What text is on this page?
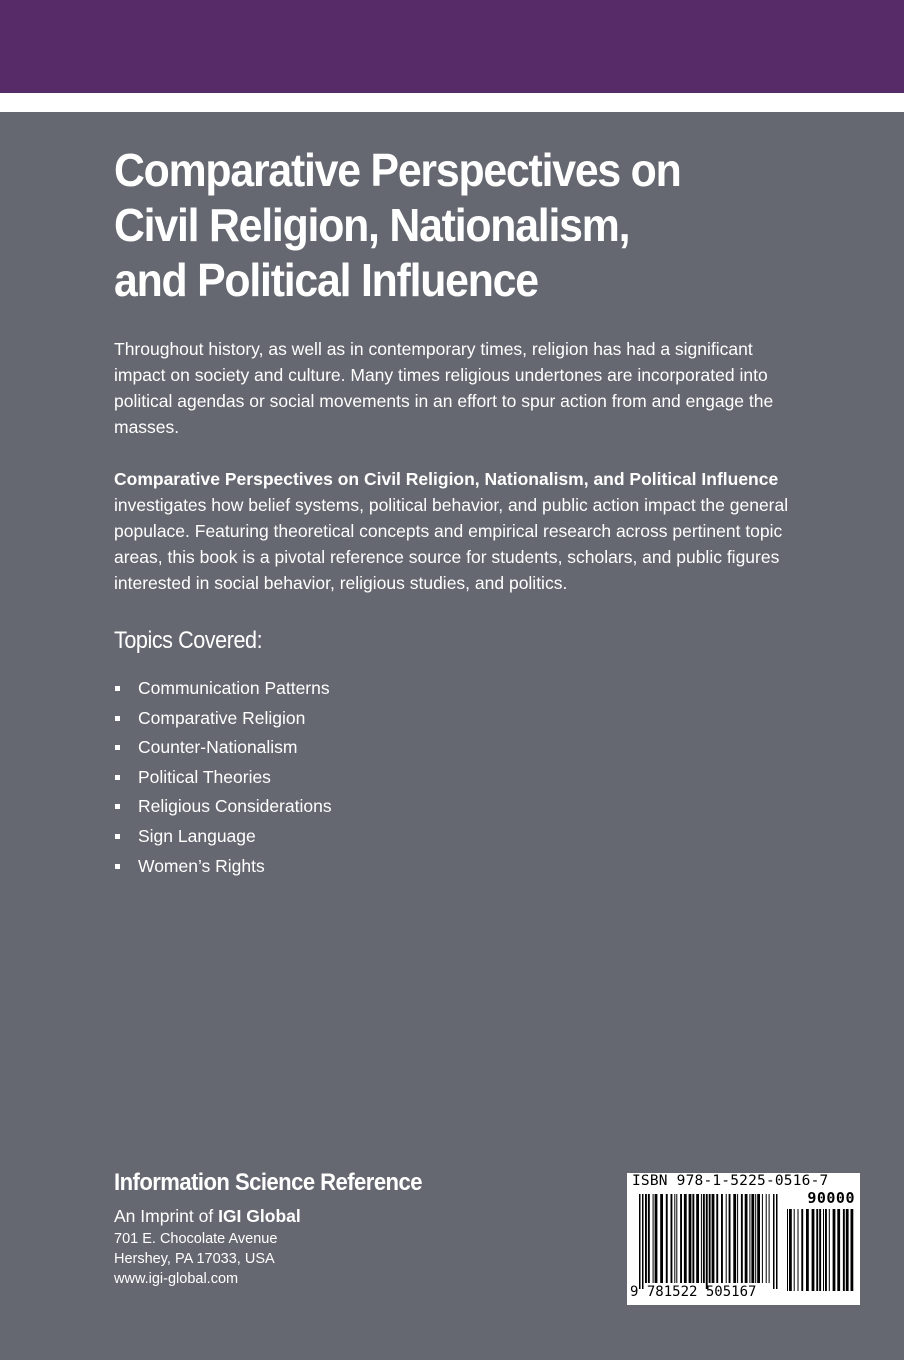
Comparative Perspectives on
Civil Religion, Nationalism,
and Political Influence

Throughout history, as well as in contemporary times, religion has had a significant impact on society and culture. Many times religious undertones are incorporated into political agendas or social movements in an effort to spur action from and engage the masses.

Comparative Perspectives on Civil Religion, Nationalism, and Political Influence investigates how belief systems, political behavior, and public action impact the general populace. Featuring theoretical concepts and empirical research across pertinent topic areas, this book is a pivotal reference source for students, scholars, and public figures interested in social behavior, religious studies, and politics.

Topics Covered:
Communication Patterns
Comparative Religion
Counter-Nationalism
Political Theories
Religious Considerations
Sign Language
Women’s Rights

Information Science Reference

An Imprint of IGI Global

701 E. Chocolate Avenue

Hershey, PA 17033, USA

www.igi-global.com

ISBN 978-1-5225-0516-7
90000
9 781522 505167
